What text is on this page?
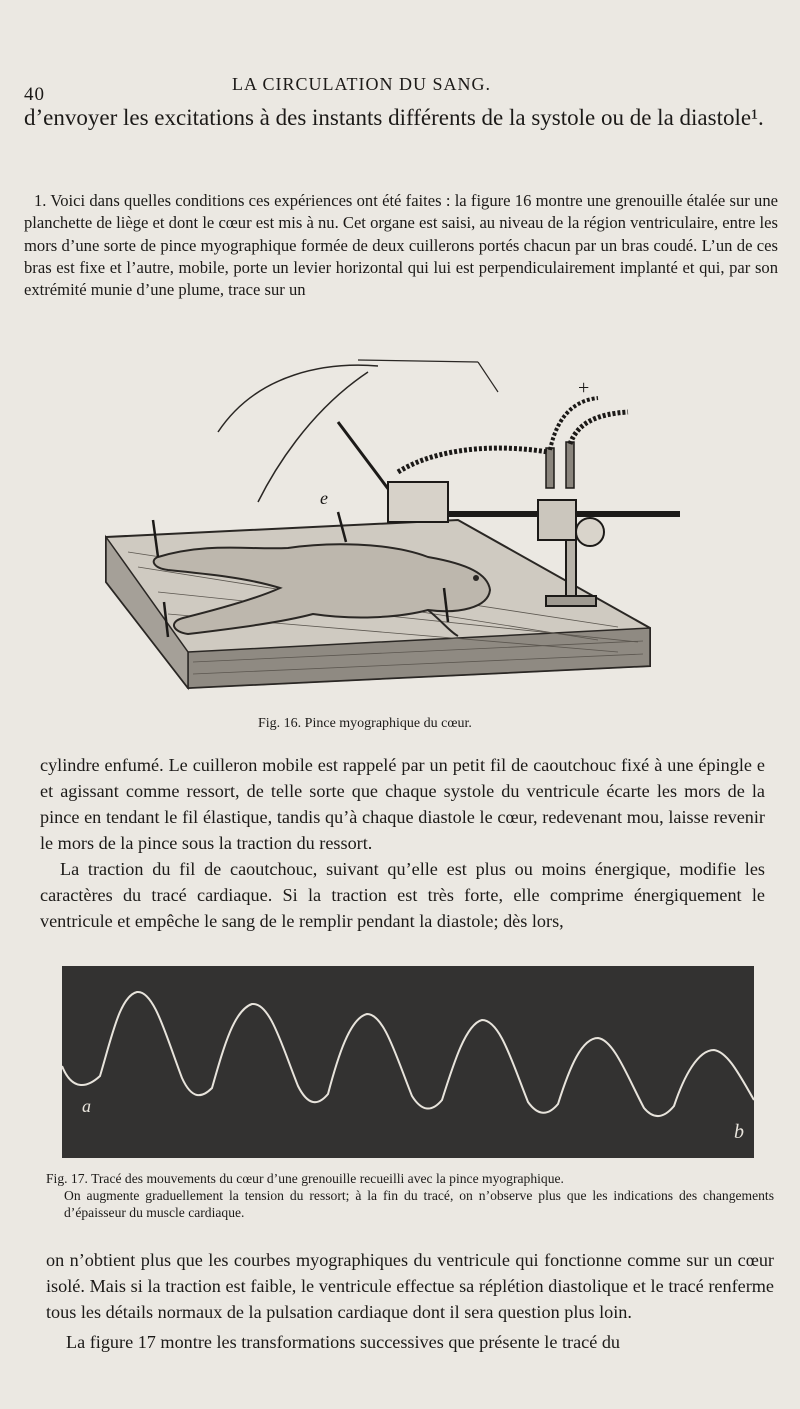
40	LA CIRCULATION DU SANG.
d’envoyer les excitations à des instants différents de la systole ou de la diastole¹.
1. Voici dans quelles conditions ces expériences ont été faites : la figure 16 montre une grenouille étalée sur une planchette de liège et dont le cœur est mis à nu. Cet organe est saisi, au niveau de la région ventriculaire, entre les mors d’une sorte de pince myographique formée de deux cuillerons portés chacun par un bras coudé. L’un de ces bras est fixe et l’autre, mobile, porte un levier horizontal qui lui est perpendiculairement implanté et qui, par son extrémité munie d’une plume, trace sur un
e
+
Fig. 16. Pince myographique du cœur.

cylindre enfumé. Le cuilleron mobile est rappelé par un petit fil de caoutchouc fixé à une épingle e et agissant comme ressort, de telle sorte que chaque systole du ventricule écarte les mors de la pince en tendant le fil élastique, tandis qu’à chaque diastole le cœur, redevenant mou, laisse revenir le mors de la pince sous la traction du ressort.

La traction du fil de caoutchouc, suivant qu’elle est plus ou moins énergique, modifie les caractères du tracé cardiaque. Si la traction est très forte, elle comprime énergiquement le ventricule et empêche le sang de le remplir pendant la diastole; dès lors,

a
b
Fig. 17. Tracé des mouvements du cœur d’une grenouille recueilli avec la pince myographique.
On augmente graduellement la tension du ressort; à la fin du tracé, on n’observe plus que les indications des changements d’épaisseur du muscle cardiaque.

on n’obtient plus que les courbes myographiques du ventricule qui fonctionne comme sur un cœur isolé. Mais si la traction est faible, le ventricule effectue sa réplétion diastolique et le tracé renferme tous les détails normaux de la pulsation cardiaque dont il sera question plus loin.

La figure 17 montre les transformations successives que présente le tracé du
